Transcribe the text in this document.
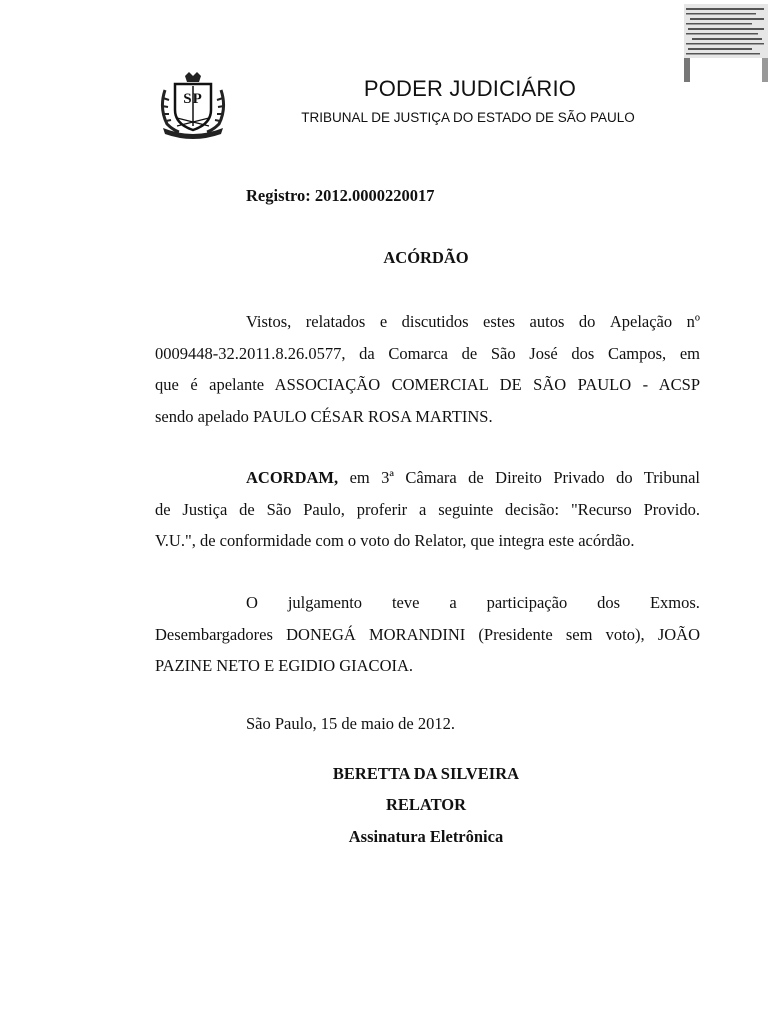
SP	PODER JUDICIÁRIO
TRIBUNAL DE JUSTIÇA DO ESTADO DE SÃO PAULO
Registro: 2012.0000220017
ACÓRDÃO
Vistos, relatados e discutidos estes autos do Apelação nº
0009448-32.2011.8.26.0577, da Comarca de São José dos Campos, em
que é apelante ASSOCIAÇÃO COMERCIAL DE SÃO PAULO - ACSP
sendo apelado PAULO CÉSAR ROSA MARTINS.
ACORDAM, em 3ª Câmara de Direito Privado do Tribunal
de Justiça de São Paulo, proferir a seguinte decisão: "Recurso Provido.
V.U.", de conformidade com o voto do Relator, que integra este acórdão.
O julgamento teve a participação dos Exmos.
Desembargadores DONEGÁ MORANDINI (Presidente sem voto), JOÃO
PAZINE NETO E EGIDIO GIACOIA.
São Paulo, 15 de maio de 2012.
BERETTA DA SILVEIRA
RELATOR
Assinatura Eletrônica
